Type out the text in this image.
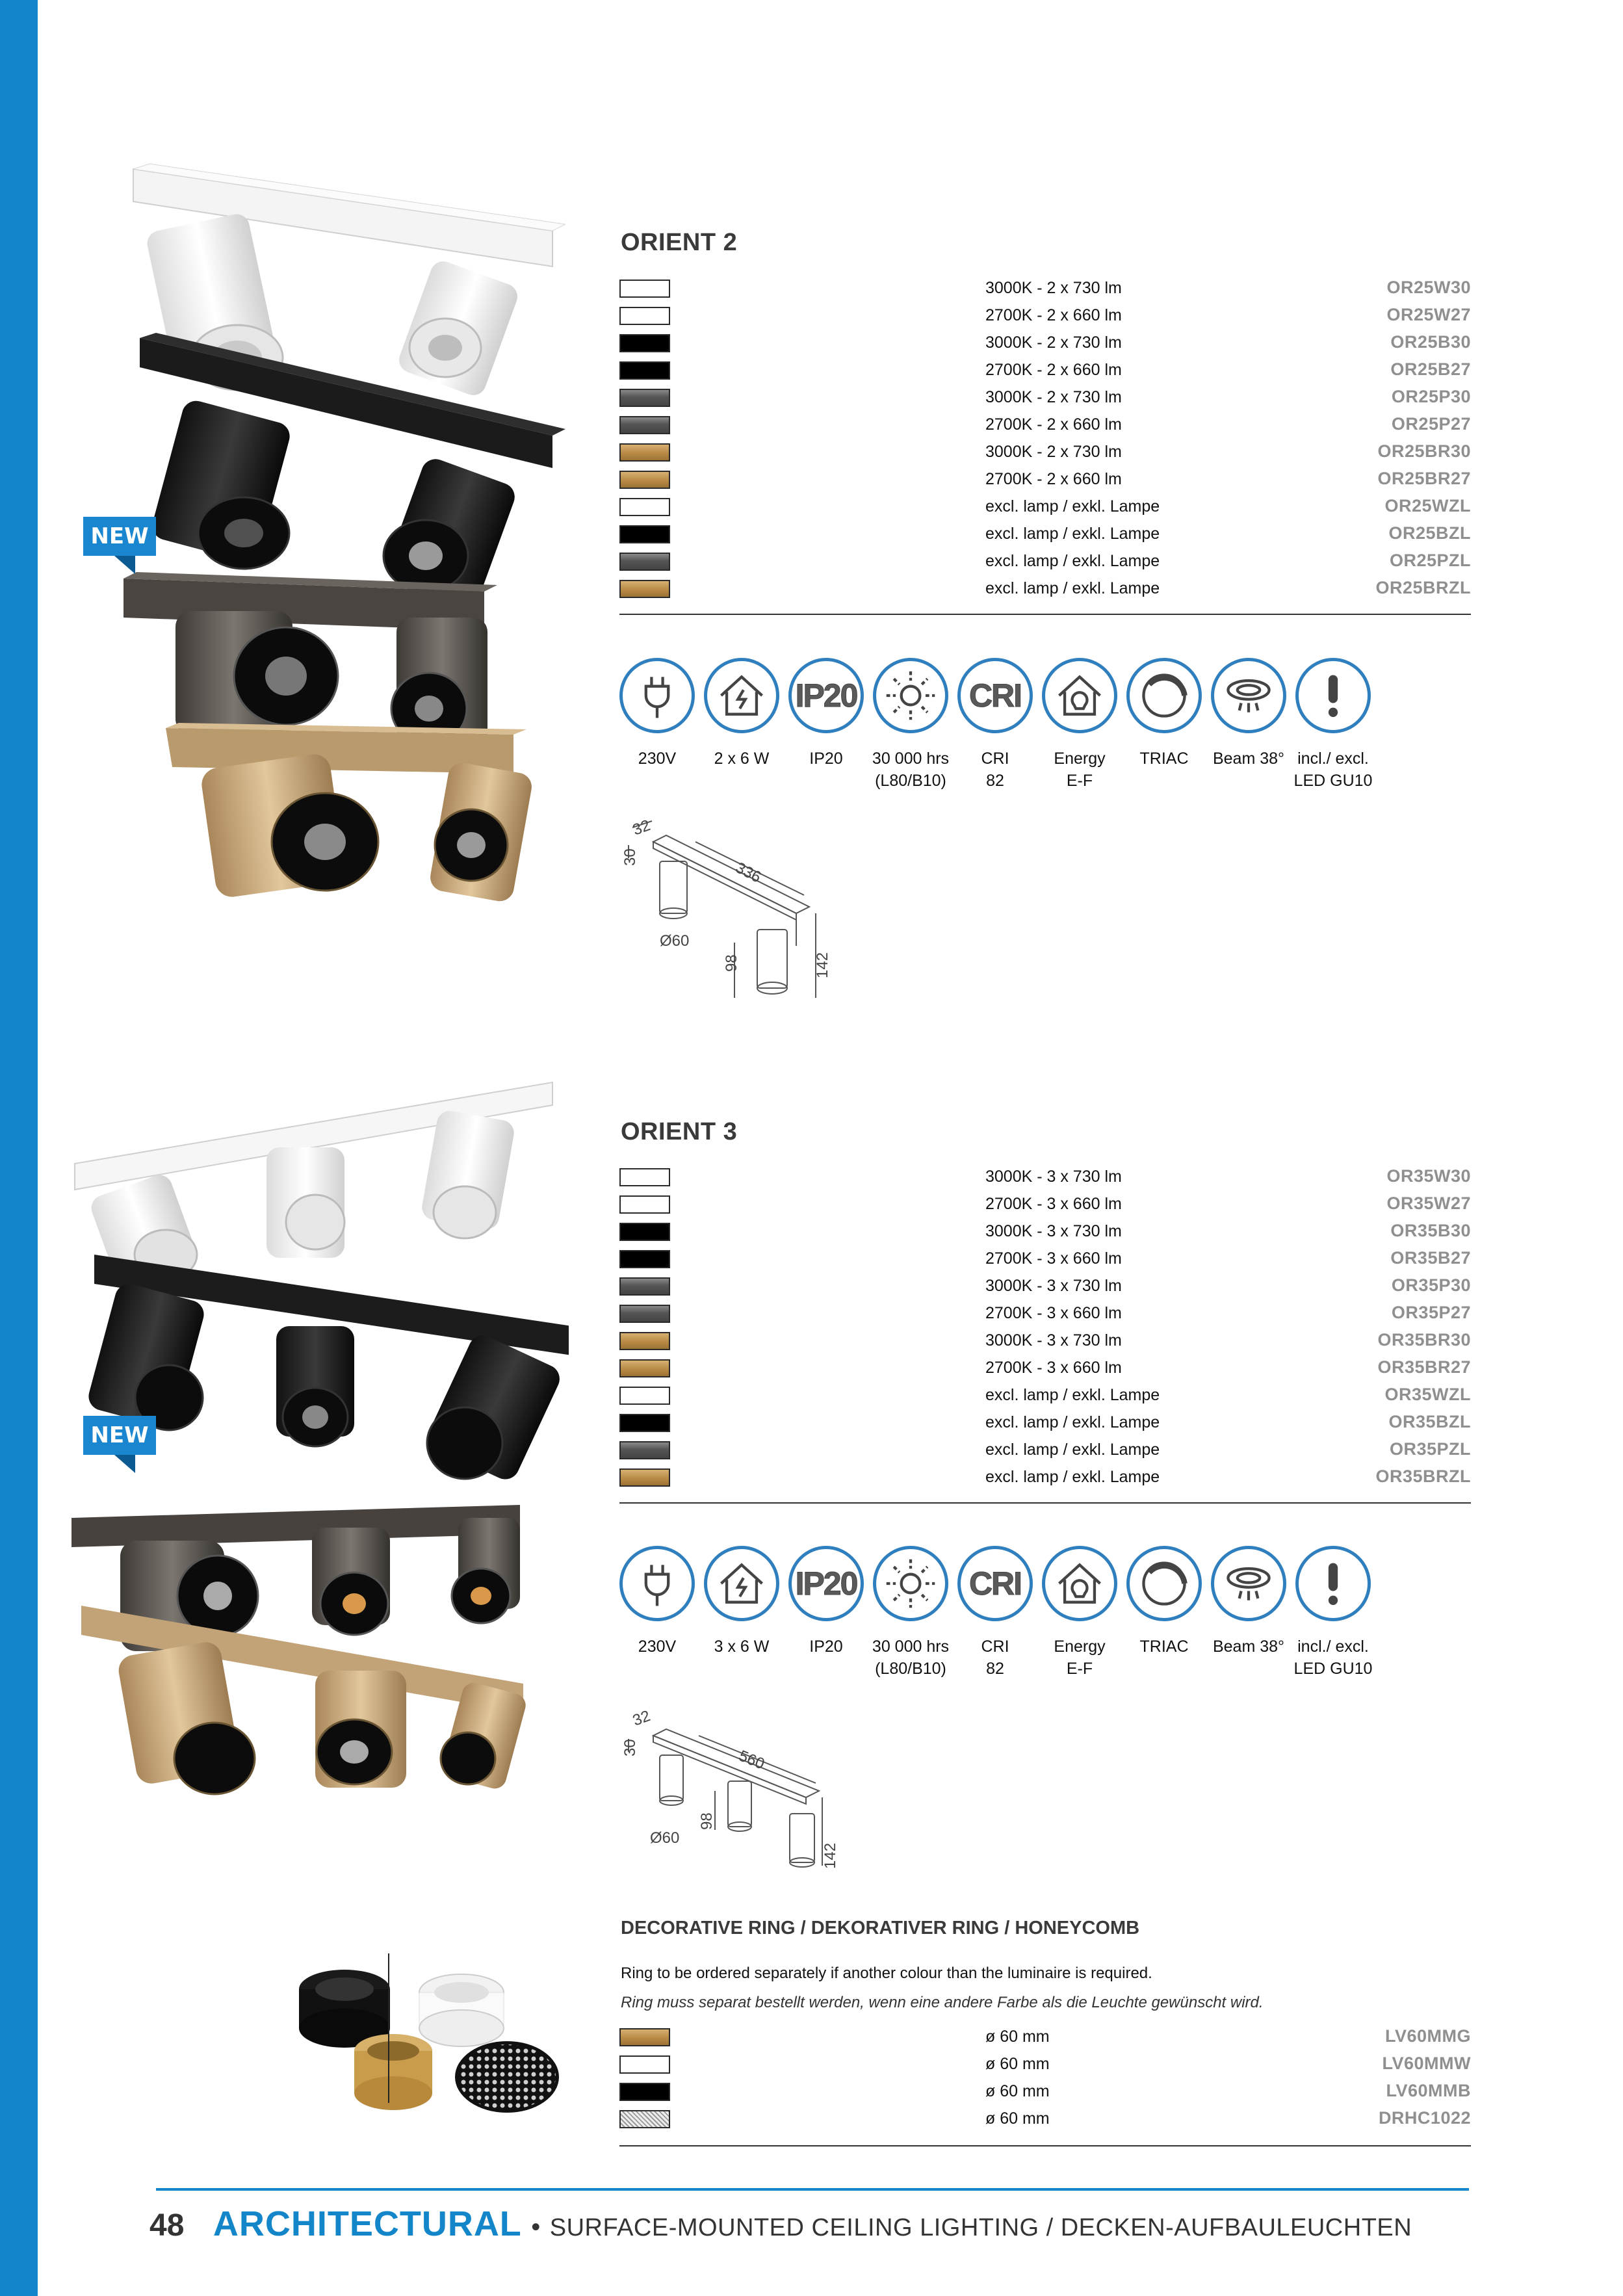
NEW
ORIENT 2
3000K - 2 x 730 lm	OR25W30
2700K - 2 x 660 lm	OR25W27
3000K - 2 x 730 lm	OR25B30
2700K - 2 x 660 lm	OR25B27
3000K - 2 x 730 lm	OR25P30
2700K - 2 x 660 lm	OR25P27
3000K - 2 x 730 lm	OR25BR30
2700K - 2 x 660 lm	OR25BR27
excl. lamp / exkl. Lampe	OR25WZL
excl. lamp / exkl. Lampe	OR25BZL
excl. lamp / exkl. Lampe	OR25PZL
excl. lamp / exkl. Lampe	OR25BRZL
230V	2 x 6 W
IP20
IP20	30 000 hrs
(L80/B10)
CRI
CRI
82
Energy
E-F
TRIAC	Beam 38° incl./ excl.
LED GU10
30
32
336
Ø60
98	142
NEW
ORIENT 3
3000K - 3 x 730 lm	OR35W30
2700K - 3 x 660 lm	OR35W27
3000K - 3 x 730 lm	OR35B30
2700K - 3 x 660 lm	OR35B27
3000K - 3 x 730 lm	OR35P30
2700K - 3 x 660 lm	OR35P27
3000K - 3 x 730 lm	OR35BR30
2700K - 3 x 660 lm	OR35BR27
excl. lamp / exkl. Lampe	OR35WZL
excl. lamp / exkl. Lampe	OR35BZL
excl. lamp / exkl. Lampe	OR35PZL
excl. lamp / exkl. Lampe	OR35BRZL
230V	3 x 6 W
IP20
IP20	30 000 hrs
(L80/B10)
CRI
CRI
82
Energy
E-F
TRIAC	Beam 38° incl./ excl.
LED GU10
30
32
560
Ø60
98
142
DECORATIVE RING / DEKORATIVER RING / HONEYCOMB
Ring to be ordered separately if another colour than the luminaire is required.
Ring muss separat bestellt werden, wenn eine andere Farbe als die Leuchte gewünscht wird.
ø 60 mm	LV60MMG
ø 60 mm	LV60MMW
ø 60 mm	LV60MMB
ø 60 mm	DRHC1022
48 ARCHITECTURAL • SURFACE-MOUNTED CEILING LIGHTING / DECKEN-AUFBAULEUCHTEN
